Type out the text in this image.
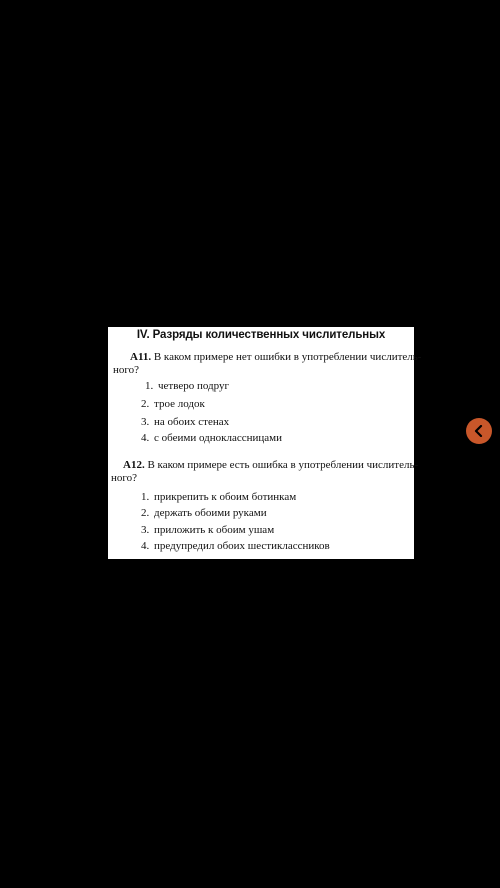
IV. Разряды количественных числительных
A11. В каком примере нет ошибки в употреблении числитель-
ного?
1. четверо подруг
2. трое лодок
3. на обоих стенах
4. с обеими одноклассницами
А12. В каком примере есть ошибка в употреблении числитель-
ного?
1. прикрепить к обоим ботинкам
2. держать обоими руками
3. приложить к обоим ушам
4. предупредил обоих шестиклассников
